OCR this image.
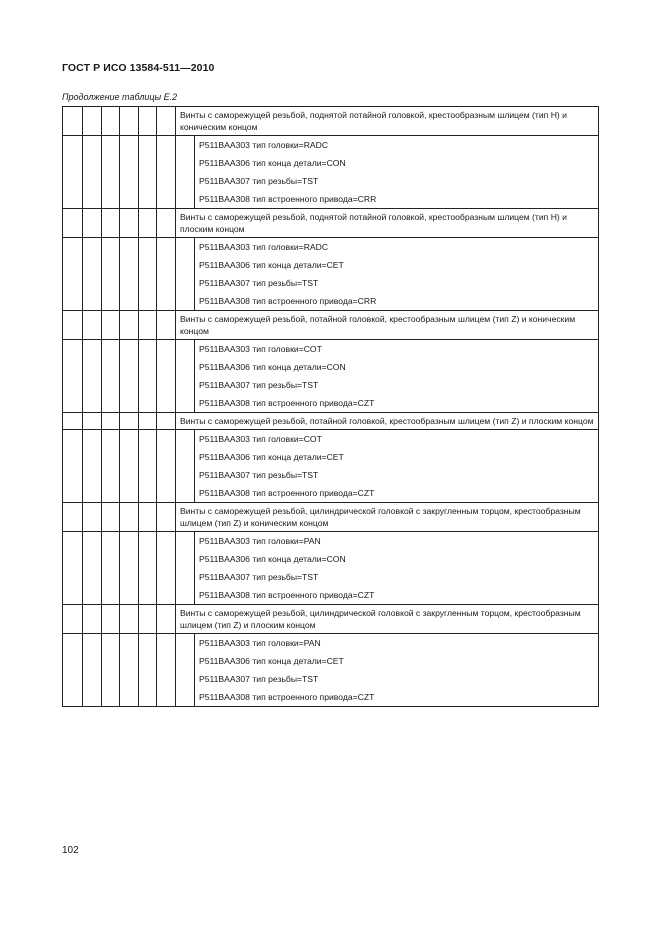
ГОСТ Р ИСО 13584-511—2010
Продолжение таблицы Е.2
						Винты с саморежущей резьбой, поднятой потайной головкой, крестообразным шлицем (тип H) и коническим концом	

							P511BAA303 тип головки=RADC
P511BAA306 тип конца детали=CON
P511BAA307 тип резьбы=TST
P511BAA308 тип встроенного привода=CRR

						Винты с саморежущей резьбой, поднятой потайной головкой, крестообразным шлицем (тип H) и плоским концом	

							P511BAA303 тип головки=RADC
P511BAA306 тип конца детали=CET
P511BAA307 тип резьбы=TST
P511BAA308 тип встроенного привода=CRR

						Винты с саморежущей резьбой, потайной головкой, крестообразным шлицем (тип Z) и коническим концом	

							P511BAA303 тип головки=COT
P511BAA306 тип конца детали=CON
P511BAA307 тип резьбы=TST
P511BAA308 тип встроенного привода=CZT

						Винты с саморежущей резьбой, потайной головкой, крестообразным шлицем (тип Z) и плоским концом	

							P511BAA303 тип головки=COT
P511BAA306 тип конца детали=CET
P511BAA307 тип резьбы=TST
P511BAA308 тип встроенного привода=CZT

						Винты с саморежущей резьбой, цилиндрической головкой с закругленным торцом, крестообразным шлицем (тип Z) и коническим концом	

							P511BAA303 тип головки=PAN
P511BAA306 тип конца детали=CON
P511BAA307 тип резьбы=TST
P511BAA308 тип встроенного привода=CZT

						Винты с саморежущей резьбой, цилиндрической головкой с закругленным торцом, крестообразным шлицем (тип Z) и плоским концом	

							P511BAA303 тип головки=PAN
P511BAA306 тип конца детали=CET
P511BAA307 тип резьбы=TST
P511BAA308 тип встроенного привода=CZT
102
